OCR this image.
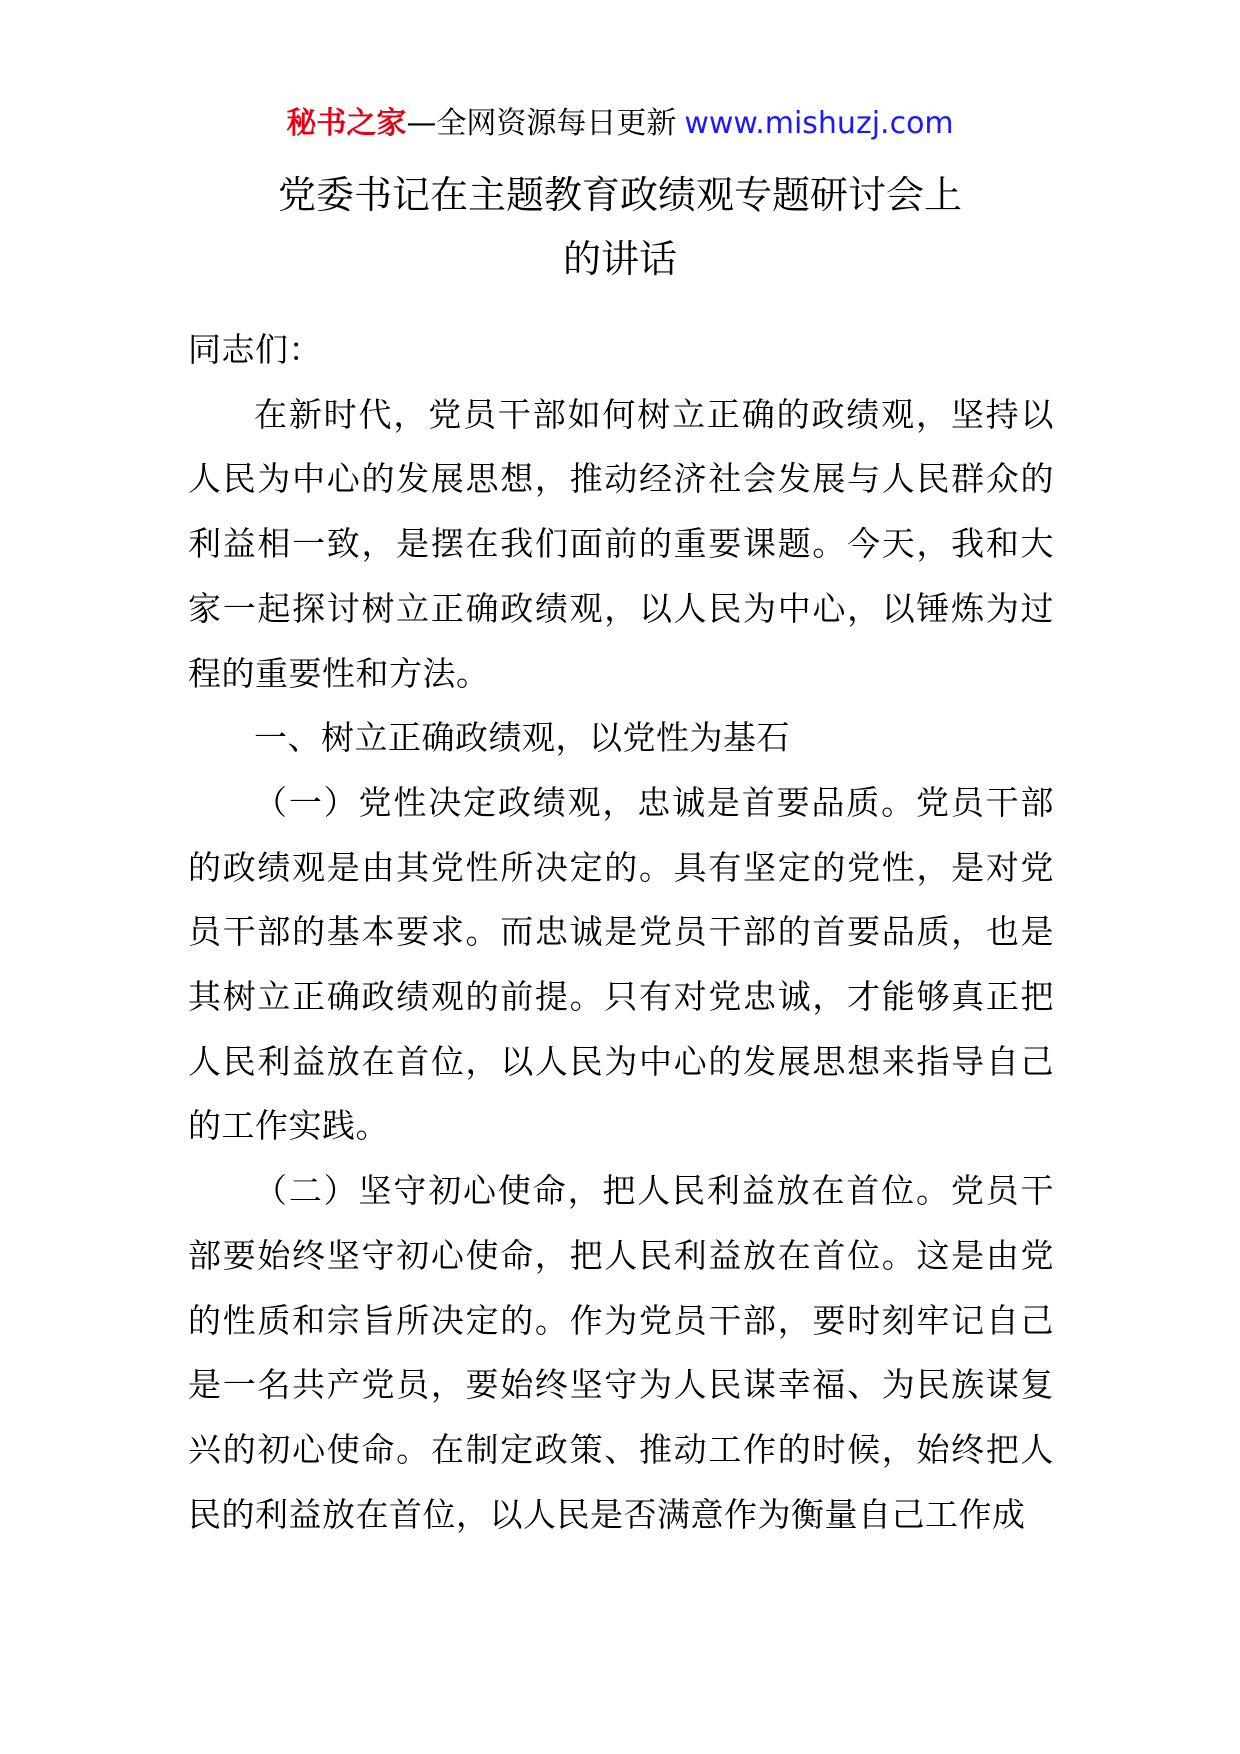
秘书之家—全网资源每日更新 www.mishuzj.com
党委书记在主题教育政绩观专题研讨会上
的讲话

同志们：

在新时代，党员干部如何树立正确的政绩观，坚持以人民为中心的发展思想，推动经济社会发展与人民群众的利益相一致，是摆在我们面前的重要课题。今天，我和大家一起探讨树立正确政绩观，以人民为中心，以锤炼为过程的重要性和方法。

一、树立正确政绩观，以党性为基石

（一）党性决定政绩观，忠诚是首要品质。党员干部的政绩观是由其党性所决定的。具有坚定的党性，是对党员干部的基本要求。而忠诚是党员干部的首要品质，也是其树立正确政绩观的前提。只有对党忠诚，才能够真正把人民利益放在首位，以人民为中心的发展思想来指导自己的工作实践。

（二）坚守初心使命，把人民利益放在首位。党员干部要始终坚守初心使命，把人民利益放在首位。这是由党的性质和宗旨所决定的。作为党员干部，要时刻牢记自己是一名共产党员，要始终坚守为人民谋幸福、为民族谋复兴的初心使命。在制定政策、推动工作的时候，始终把人民的利益放在首位，以人民是否满意作为衡量自己工作成
